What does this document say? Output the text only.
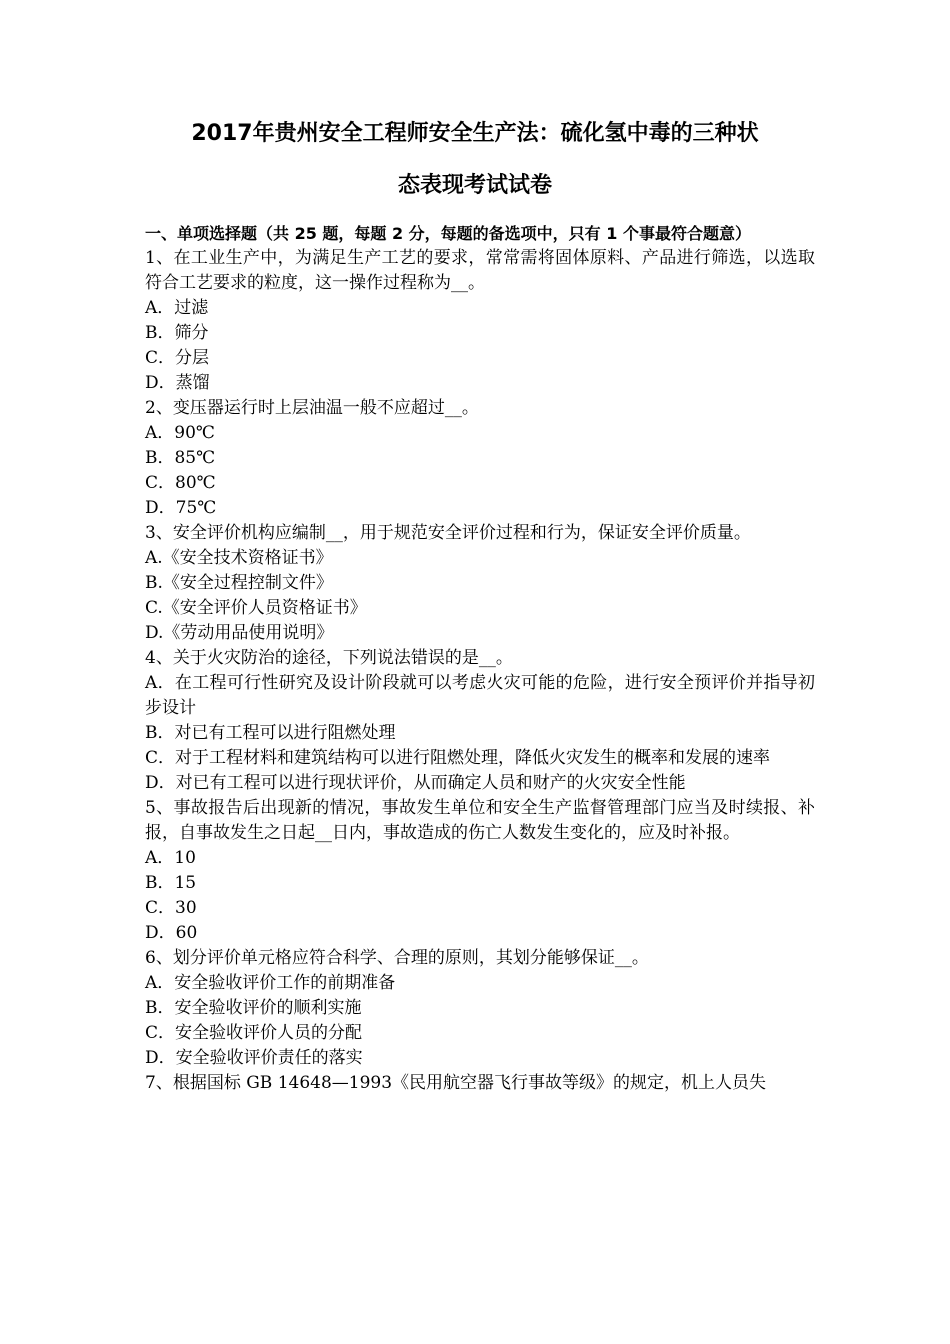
2017年贵州安全工程师安全生产法：硫化氢中毒的三种状
态表现考试试卷
一、单项选择题（共 25 题，每题 2 分，每题的备选项中，只有 1 个事最符合题意）
1、在工业生产中，为满足生产工艺的要求，常常需将固体原料、产品进行筛选，以选取符合工艺要求的粒度，这一操作过程称为__。
A．过滤
B．筛分
C．分层
D．蒸馏
2、变压器运行时上层油温一般不应超过__。
A．90℃
B．85℃
C．80℃
D．75℃
3、安全评价机构应编制__，用于规范安全评价过程和行为，保证安全评价质量。
A.《安全技术资格证书》
B.《安全过程控制文件》
C.《安全评价人员资格证书》
D.《劳动用品使用说明》
4、关于火灾防治的途径，下列说法错误的是__。
A．在工程可行性研究及设计阶段就可以考虑火灾可能的危险，进行安全预评价并指导初步设计
B．对已有工程可以进行阻燃处理
C．对于工程材料和建筑结构可以进行阻燃处理，降低火灾发生的概率和发展的速率
D．对已有工程可以进行现状评价，从而确定人员和财产的火灾安全性能
5、事故报告后出现新的情况，事故发生单位和安全生产监督管理部门应当及时续报、补报，自事故发生之日起__日内，事故造成的伤亡人数发生变化的，应及时补报。
A．10
B．15
C．30
D．60
6、划分评价单元格应符合科学、合理的原则，其划分能够保证__。
A．安全验收评价工作的前期准备
B．安全验收评价的顺利实施
C．安全验收评价人员的分配
D．安全验收评价责任的落实
7、根据国标 GB 14648—1993《民用航空器飞行事故等级》的规定，机上人员失
